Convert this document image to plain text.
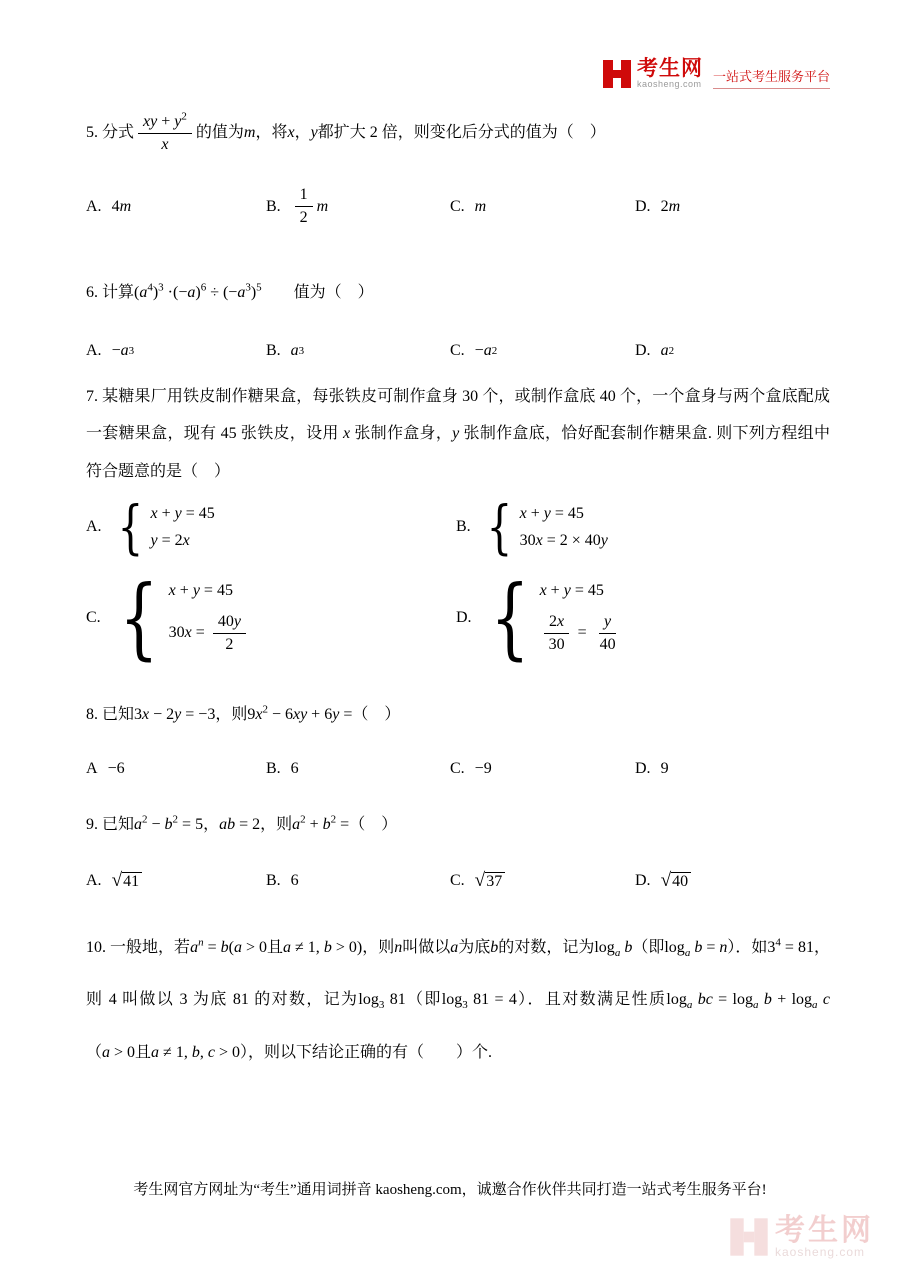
考生网
kaosheng.com 一站式考生服务平台
5. 分式 $\frac{xy + y^2}{x}$ 的值为m，将x，y都扩大 2 倍，则变化后分式的值为（　）
A. 4 m	B. $\frac{1}{2}$ m	C. m	D. 2 m
6. 计算$(a^4)^3 \cdot(-a)^6 \div (-a^3)^5$　　值为（　）
A. − a 3	B. a 3	C. − a 2	D. a 2
7. 某糖果厂用铁皮制作糖果盒，每张铁皮可制作盒身 30 个，或制作盒底 40 个，一个盒身与两个盒底配成一套糖果盒，现有 45 张铁皮，设用 x 张制作盒身，y 张制作盒底，恰好配套制作糖果盒. 则下列方程组中符合题意的是（　）
A. { x + y = 45
y = 2x
B. { x + y = 45
30x = 2 × 40y
C. { x + y = 45
$30x = \frac{40y}{2}$	D. { x + y = 45
$\frac{2x}{30} = \frac{y}{40}$
8. 已知3x − 2y = −3，则$9x^2 - 6xy + 6y$ =（　）
A −6	B. 6	C. −9	D. 9
9. 已知$a^2 - b^2 = 5$，ab = 2，则$a^2 + b^2$ =（　）
A.	√ 41	B. 6	C.	√ 37	D.	√ 40
10. 一般地，若$a^n = b(a > 0$且a ≠ 1, b > 0)，则n叫做以a为底b的对数，记为$\log_a b$（即$\log_a b = n$）．如$3^4 = 81$，则 4 叫做以 3 为底 81 的对数，记为$\log_3 81$（即$\log_3 81 = 4$）．且对数满足性质$\log_a$ bc = $\log_a b + \log_a c(a > 0$且a ≠ 1, b, c > 0），则以下结论正确的有（　　）个.
考生网官方网址为“考生”通用词拼音 kaosheng.com，诚邀合作伙伴共同打造一站式考生服务平台!
考生网
kaosheng.com
